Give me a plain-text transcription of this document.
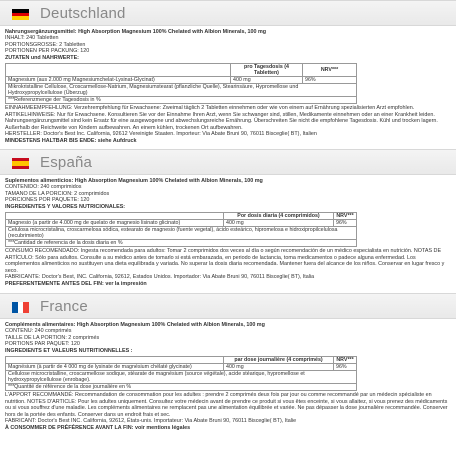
Deutschland
Nahrungsergänzungsmittel: High Absorption Magnesium 100% Chelated with Albion Minerals, 100 mg
INHALT: 240 Tabletten
PORTIONSGRÖSSE: 2 Tabletten
PORTIONEN PER PACKUNG: 120
ZUTATEN und NÄHRWERTE:
	pro Tagesdosis (4 Tabletten)	NRV***
Magnesium (aus 2.000 mg Magnesiumchelat-Lysinat-Glycinat)	400 mg	96%
Mikrokristalline Cellulose, Croscarmellose-Natrium, Magnesiumstearat (pflanzliche Quelle), Stearinsäure, Hypromellose und Hydroxypropylcellulose (Überzug)
***Referenzmenge der Tagesdosis in %
EINNAHMEEMPFEHLUNG: Verzehrempfehlung für Erwachsene: Zweimal täglich 2 Tabletten einnehmen oder wie von einem auf Ernährung spezialisierten Arzt empfohlen. ARTIKELHINWEISE: Nur für Erwachsene. Konsultieren Sie vor der Einnahme Ihren Arzt, wenn Sie schwanger sind, stillen, Medikamente einnehmen oder an einer Krankheit leiden. Nahrungsergänzungsmittel sind kein Ersatz für eine ausgewogene und abwechslungsreiche Ernährung. Überschreiten Sie nicht die empfohlene Tagesdosis. Kühl und trocken lagern. Außerhalb der Reichweite von Kindern aufbewahren. An einem kühlen, trockenen Ort aufbewahren.
HERSTELLER: Doctor's Best Inc. California, 92612 Vereinigte Staaten. Importeur: Via Abate Bruni 90, 76011 Bisceglie( BT), Italien
MINDESTENS HALTBAR BIS ENDE: siehe Aufdruck
España
Suplementos alimenticios: High Absorption Magnesium 100% Chelated with Albion Minerals, 100 mg
CONTENIDO: 240 comprimidos
TAMAÑO DE LA PORCIÓN: 2 comprimidos
PORCIONES POR PAQUETE: 120
INGREDIENTES Y VALORES NUTRICIONALES:
	Por dosis diaria (4 comprimidos)	NRV***
Magnesio (a partir de 4.000 mg de quelato de magnesio lisinato glicinato)	400 mg	96%
Celulosa microcristalina, croscarmelosa sódica, estearato de magnesio (fuente vegetal), ácido esteárico, hipromelosa e hidroxipropilcelulosa (recubrimiento)
***Cantidad de referencia de la dosis diaria en %
CONSUMO RECOMENDADO: Ingesta recomendada para adultos: Tomar 2 comprimidos dos veces al día o según recomendación de un médico especialista en nutrición. NOTAS DE ARTÍCULO: Sólo para adultos. Consulte a su médico antes de tomarlo si está embarazada, en periodo de lactancia, toma medicamentos o padece alguna enfermedad. Los complementos alimenticios no sustituyen una dieta equilibrada y variada. No superar la dosis diaria recomendada. Mantener fuera del alcance de los niños. Conservar en lugar fresco y seco.
FABRICANTE: Doctor's Best, INC. California, 92612, Estados Unidos. Importador: Via Abate Bruni 90, 76011 Bisceglie( BT), Italia
PREFERENTEMENTE ANTES DEL FIN: ver la impresión
France
Compléments alimentaires: High Absorption Magnesium 100% Chelated with Albion Minerals, 100 mg
CONTENU: 240 comprimés
TAILLE DE LA PORTION: 2 comprimés
PORTIONS PAR PAQUET: 120
INGRÉDIENTS ET VALEURS NUTRITIONNELLES :
	par dose journalière (4 comprimés)	NRV***
Magnésium (à partir de 4 000 mg de lysinate de magnésium chélaté glycinate)	400 mg	96%
Cellulose microcristalline, croscarmellose sodique, stéarate de magnésium (source végétale), acide stéarique, hypromellose et hydroxypropylcellulose (enrobage).
***Quantité de référence de la dose journalière en %
L'APPORT RECOMMANDÉ: Recommandation de consommation pour les adultes : prendre 2 comprimés deux fois par jour ou comme recommandé par un médecin spécialiste en nutrition. NOTES D'ARTICLE: Pour les adultes uniquement. Consultez votre médecin avant de prendre ce produit si vous êtes enceinte, si vous allaitez, si vous prenez des médicaments ou si vous souffrez d'une maladie. Les compléments alimentaires ne remplacent pas une alimentation équilibrée et variée. Ne pas dépasser la dose journalière recommandée. Conserver hors de la portée des enfants. Conserver dans un endroit frais et sec.
FABRICANT: Doctor's Best INC. California, 92612, États-unis. Importateur: Via Abate Bruni 90, 76011 Bisceglie( BT), Italie
À CONSOMMER DE PRÉFÉRENCE AVANT LA FIN: voir mentions légales
